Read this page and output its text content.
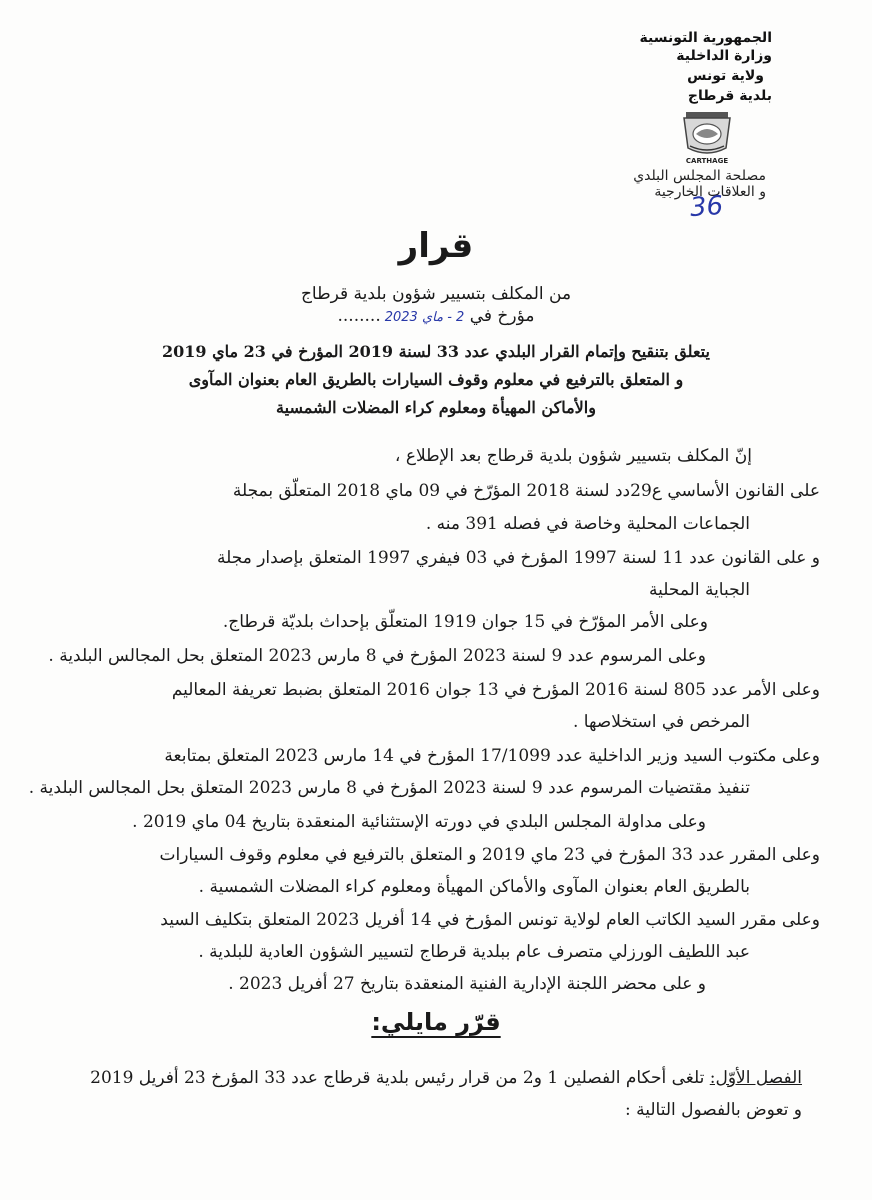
الجمهورية التونسية
وزارة الداخلية
ولاية تونس
بلدية قرطاج
CARTHAGE
مصلحة المجلس البلدي
و العلاقات الخارجية
36
قرار
من المكلف بتسيير شؤون بلدية قرطاج
مؤرخ في 2 - ماي 2023........
يتعلق بتنقيح وإتمام القرار البلدي عدد 33 لسنة 2019 المؤرخ في 23 ماي 2019
و المتعلق بالترفيع في معلوم وقوف السيارات بالطريق العام بعنوان المآوى
والأماكن المهيأة ومعلوم كراء المضلات الشمسية
إنّ المكلف بتسيير شؤون بلدية قرطاج بعد الإطلاع ،
على القانون الأساسي ع29دد لسنة 2018 المؤرّخ في 09 ماي 2018 المتعلّق بمجلة
الجماعات المحلية وخاصة في فصله 391 منه .
و على القانون عدد 11 لسنة 1997 المؤرخ في 03 فيفري 1997 المتعلق بإصدار مجلة
الجباية المحلية
وعلى الأمر المؤرّخ في 15 جوان 1919 المتعلّق بإحداث بلديّة قرطاج.
وعلى المرسوم عدد 9 لسنة 2023 المؤرخ في 8 مارس 2023 المتعلق بحل المجالس البلدية .
وعلى الأمر عدد 805 لسنة 2016 المؤرخ في 13 جوان 2016 المتعلق بضبط تعريفة المعاليم
المرخص في استخلاصها .
وعلى مكتوب السيد وزير الداخلية عدد 17/1099 المؤرخ في 14 مارس 2023 المتعلق بمتابعة
تنفيذ مقتضيات المرسوم عدد 9 لسنة 2023 المؤرخ في 8 مارس 2023 المتعلق بحل المجالس البلدية .
وعلى مداولة المجلس البلدي في دورته الإستثنائية المنعقدة بتاريخ 04 ماي 2019 .
وعلى المقرر عدد 33 المؤرخ في 23 ماي 2019 و المتعلق بالترفيع في معلوم وقوف السيارات
بالطريق العام بعنوان المآوى والأماكن المهيأة ومعلوم كراء المضلات الشمسية .
وعلى مقرر السيد الكاتب العام لولاية تونس المؤرخ في 14 أفريل 2023 المتعلق بتكليف السيد
عبد اللطيف الورزلي متصرف عام ببلدية قرطاج لتسيير الشؤون العادية للبلدية .
و على محضر اللجنة الإدارية الفنية المنعقدة بتاريخ 27 أفريل 2023 .
قرّر مايلي:
الفصل الأوّل: تلغى أحكام الفصلين 1 و2 من قرار رئيس بلدية قرطاج عدد 33 المؤرخ 23 أفريل 2019
و تعوض بالفصول التالية :
